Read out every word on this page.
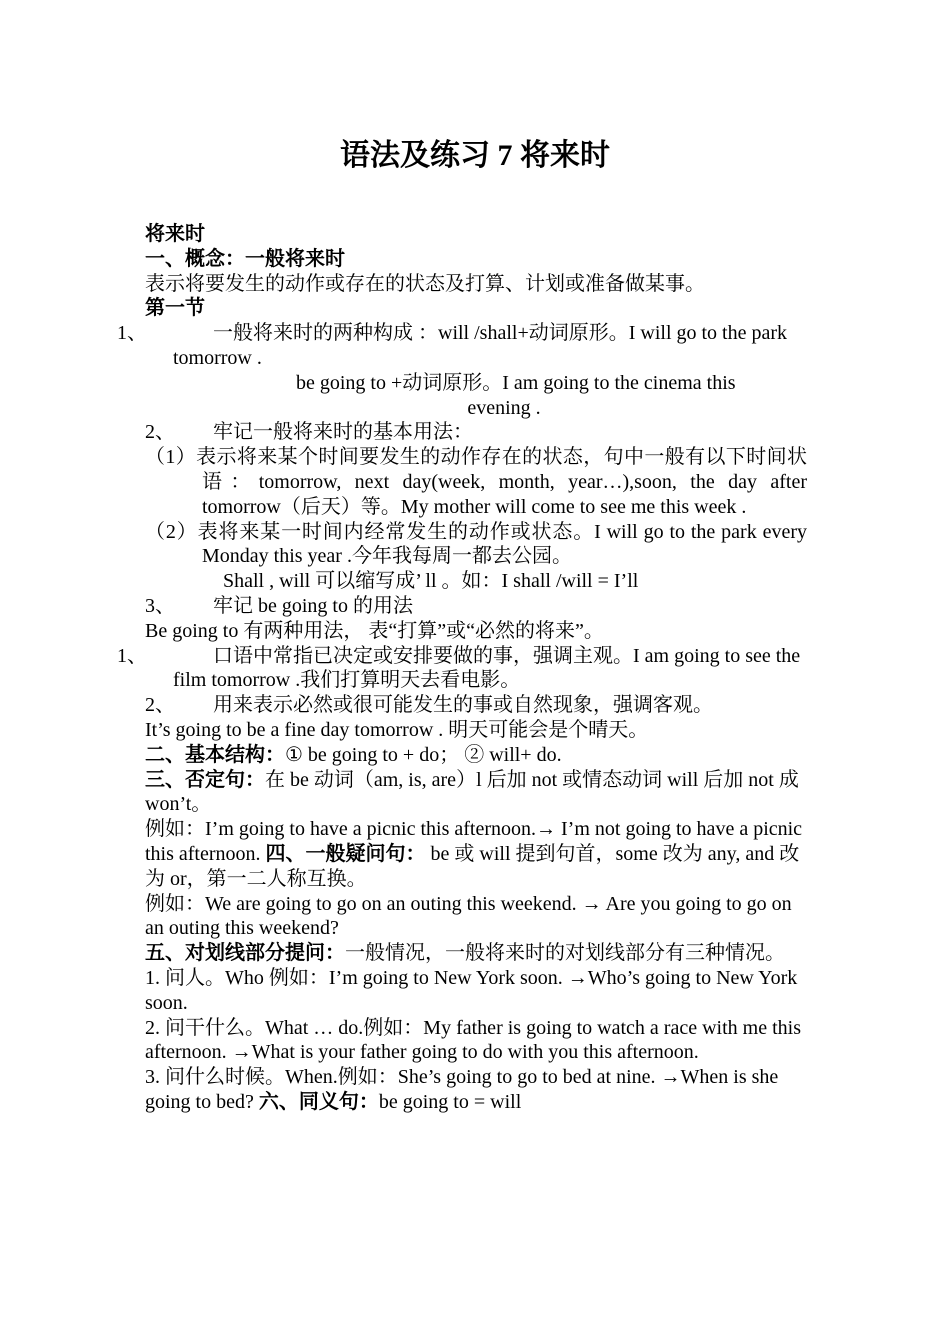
语法及练习 7 将来时

将来时

一、概念：一般将来时

表示将要发生的动作或存在的状态及打算、计划或准备做某事。

第一节

1、	一般将来时的两种构成 ：will /shall+动词原形。I will go to the park tomorrow .

be going to +动词原形。I am going to the cinema this

evening .

2、 牢记一般将来时的基本用法：

（1）表示将来某个时间要发生的动作存在的状态，句中一般有以下时间状语：tomorrow, next day(week, month, year…),soon, the day after tomorrow（后天）等。My mother will come to see me this week .

（2）表将来某一时间内经常发生的动作或状态。I will go to the park every Monday this year .今年我每周一都去公园。

Shall , will 可以缩写成’ ll 。如：I shall /will = I’ll

3、 牢记 be going to 的用法

Be going to 有两种用法， 表“打算”或“必然的将来”。

1、	口语中常指已决定或安排要做的事，强调主观。I am going to see the film tomorrow .我们打算明天去看电影。

2、 用来表示必然或很可能发生的事或自然现象，强调客观。

It’s going to be a fine day tomorrow . 明天可能会是个晴天。

二、基本结构：① be going to + do； ② will+ do.

三、否定句：在 be 动词（am, is, are）l 后加 not 或情态动词 will 后加 not 成 won’t。

例如：I’m going to have a picnic this afternoon.→ I’m not going to have a picnic this afternoon. 四、一般疑问句： be 或 will 提到句首，some 改为 any, and 改为 or，第一二人称互换。

例如：We are going to go on an outing this weekend. → Are you going to go on an outing this weekend?

五、对划线部分提问：一般情况，一般将来时的对划线部分有三种情况。

1. 问人。Who 例如：I’m going to New York soon. →Who’s going to New York soon.

2. 问干什么。What … do.例如：My father is going to watch a race with me this afternoon. →What is your father going to do with you this afternoon.

3. 问什么时候。When.例如：She’s going to go to bed at nine. →When is she going to bed? 六、同义句：be going to = will
